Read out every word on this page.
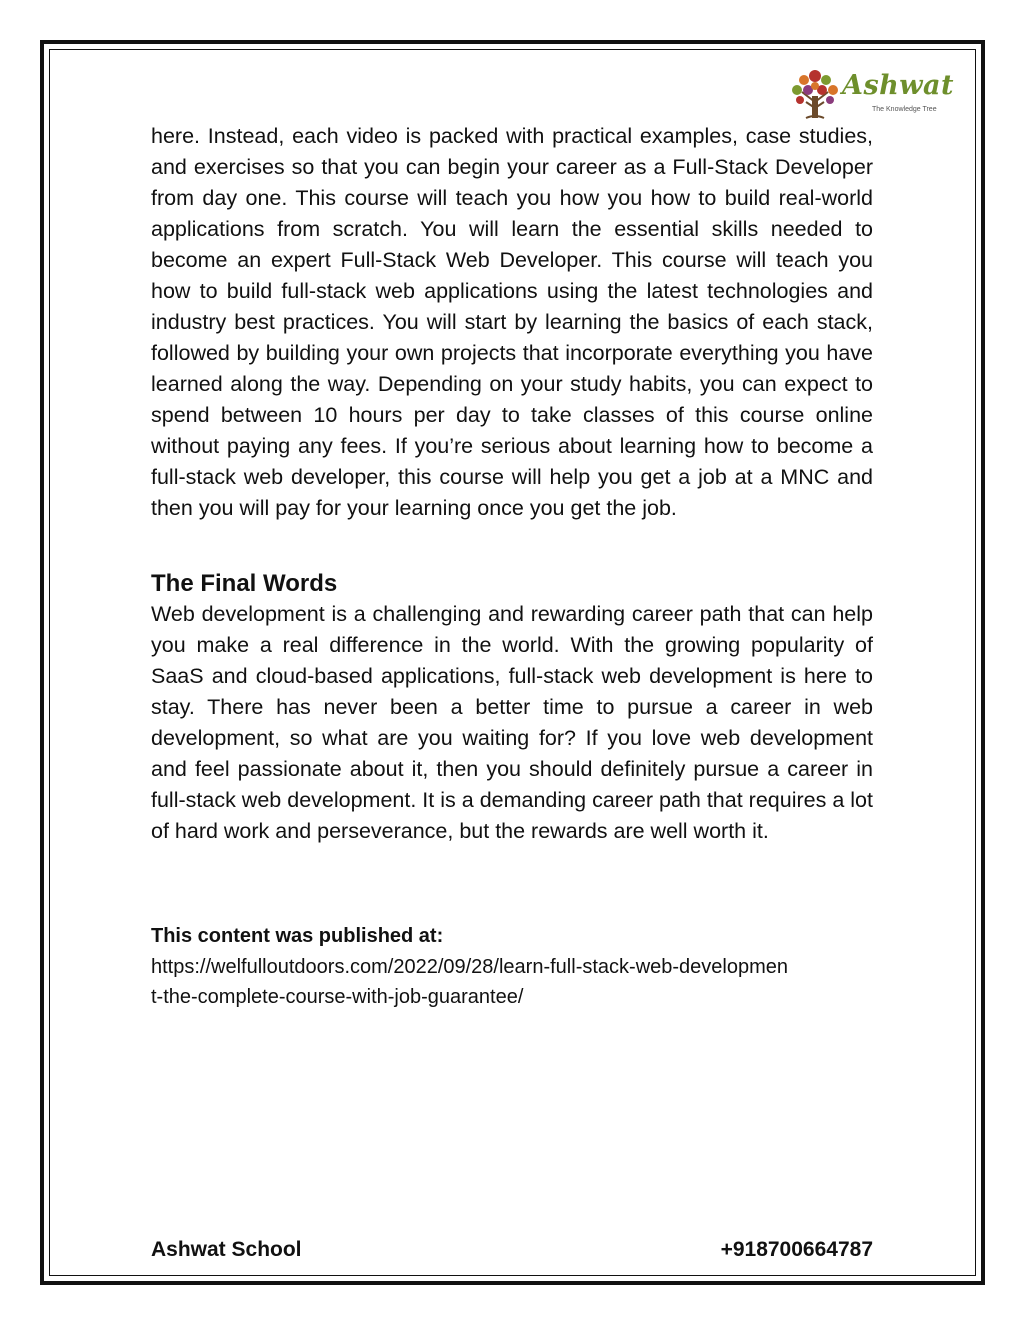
Ashwat
The Knowledge Tree

here. Instead, each video is packed with practical examples, case studies, and exercises so that you can begin your career as a Full-Stack Developer from day one. This course will teach you how you how to build real-world applications from scratch. You will learn the essential skills needed to become an expert Full-Stack Web Developer. This course will teach you how to build full-stack web applications using the latest technologies and industry best practices. You will start by learning the basics of each stack, followed by building your own projects that incorporate everything you have learned along the way. Depending on your study habits, you can expect to spend between 10 hours per day to take classes of this course online without paying any fees. If you’re serious about learning how to become a full-stack web developer, this course will help you get a job at a MNC and then you will pay for your learning once you get the job.

The Final Words

Web development is a challenging and rewarding career path that can help you make a real difference in the world. With the growing popularity of SaaS and cloud-based applications, full-stack web development is here to stay. There has never been a better time to pursue a career in web development, so what are you waiting for? If you love web development and feel passionate about it, then you should definitely pursue a career in full-stack web development. It is a demanding career path that requires a lot of hard work and perseverance, but the rewards are well worth it.

This content was published at:

https://welfulloutdoors.com/2022/09/28/learn-full-stack-web-development-the-complete-course-with-job-guarantee/

Ashwat School	+918700664787
